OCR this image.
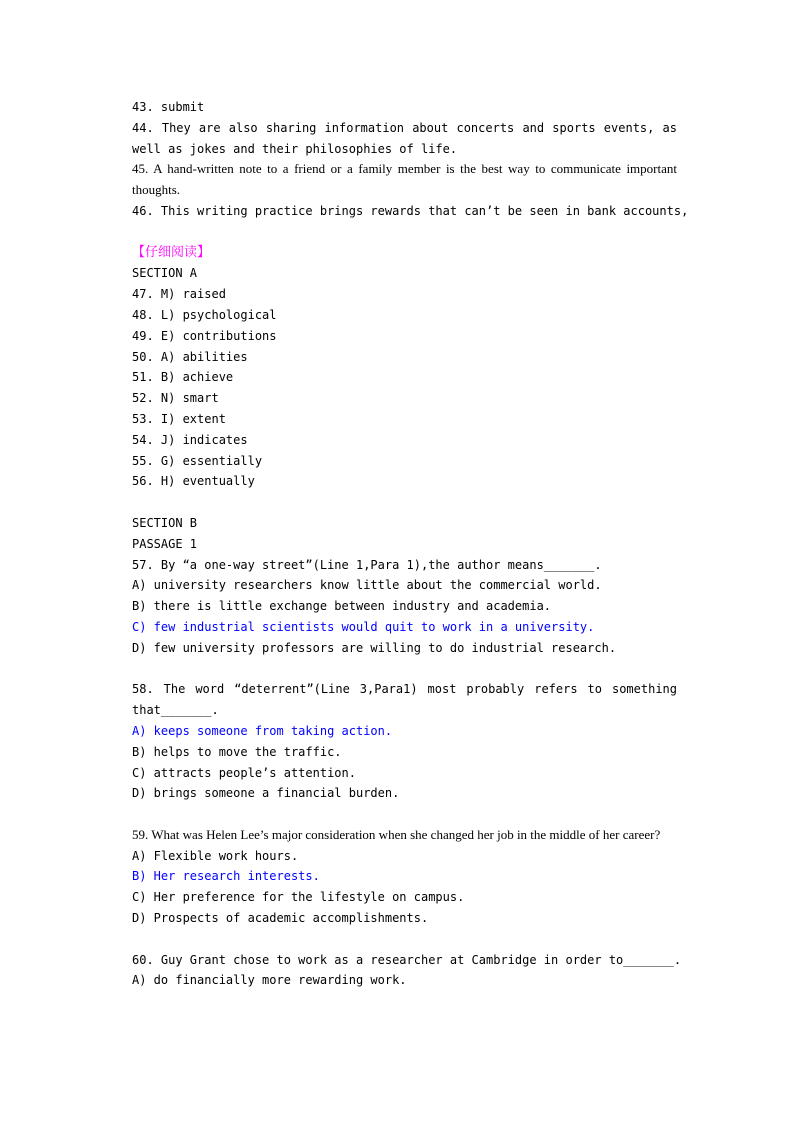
43. submit
44. They are also sharing information about concerts and sports events, as well as jokes and their philosophies of life.
45. A hand-written note to a friend or a family member is the best way to communicate important thoughts.
46. This writing practice brings rewards that can’t be seen in bank accounts,
【仔细阅读】
SECTION A
47. M) raised
48. L) psychological
49. E) contributions
50. A) abilities
51. B) achieve
52. N) smart
53. I) extent
54. J) indicates
55. G) essentially
56. H) eventually
SECTION B
PASSAGE 1
57. By “a one-way street”(Line 1,Para 1),the author means_______.
A) university researchers know little about the commercial world.
B) there is little exchange between industry and academia.
C) few industrial scientists would quit to work in a university.
D) few university professors are willing to do industrial research.
58. The word “deterrent”(Line 3,Para1) most probably refers to something that_______.
A) keeps someone from taking action.
B) helps to move the traffic.
C) attracts people’s attention.
D) brings someone a financial burden.
59. What was Helen Lee’s major consideration when she changed her job in the middle of her career?
A) Flexible work hours.
B) Her research interests.
C) Her preference for the lifestyle on campus.
D) Prospects of academic accomplishments.
60. Guy Grant chose to work as a researcher at Cambridge in order to_______.
A) do financially more rewarding work.
